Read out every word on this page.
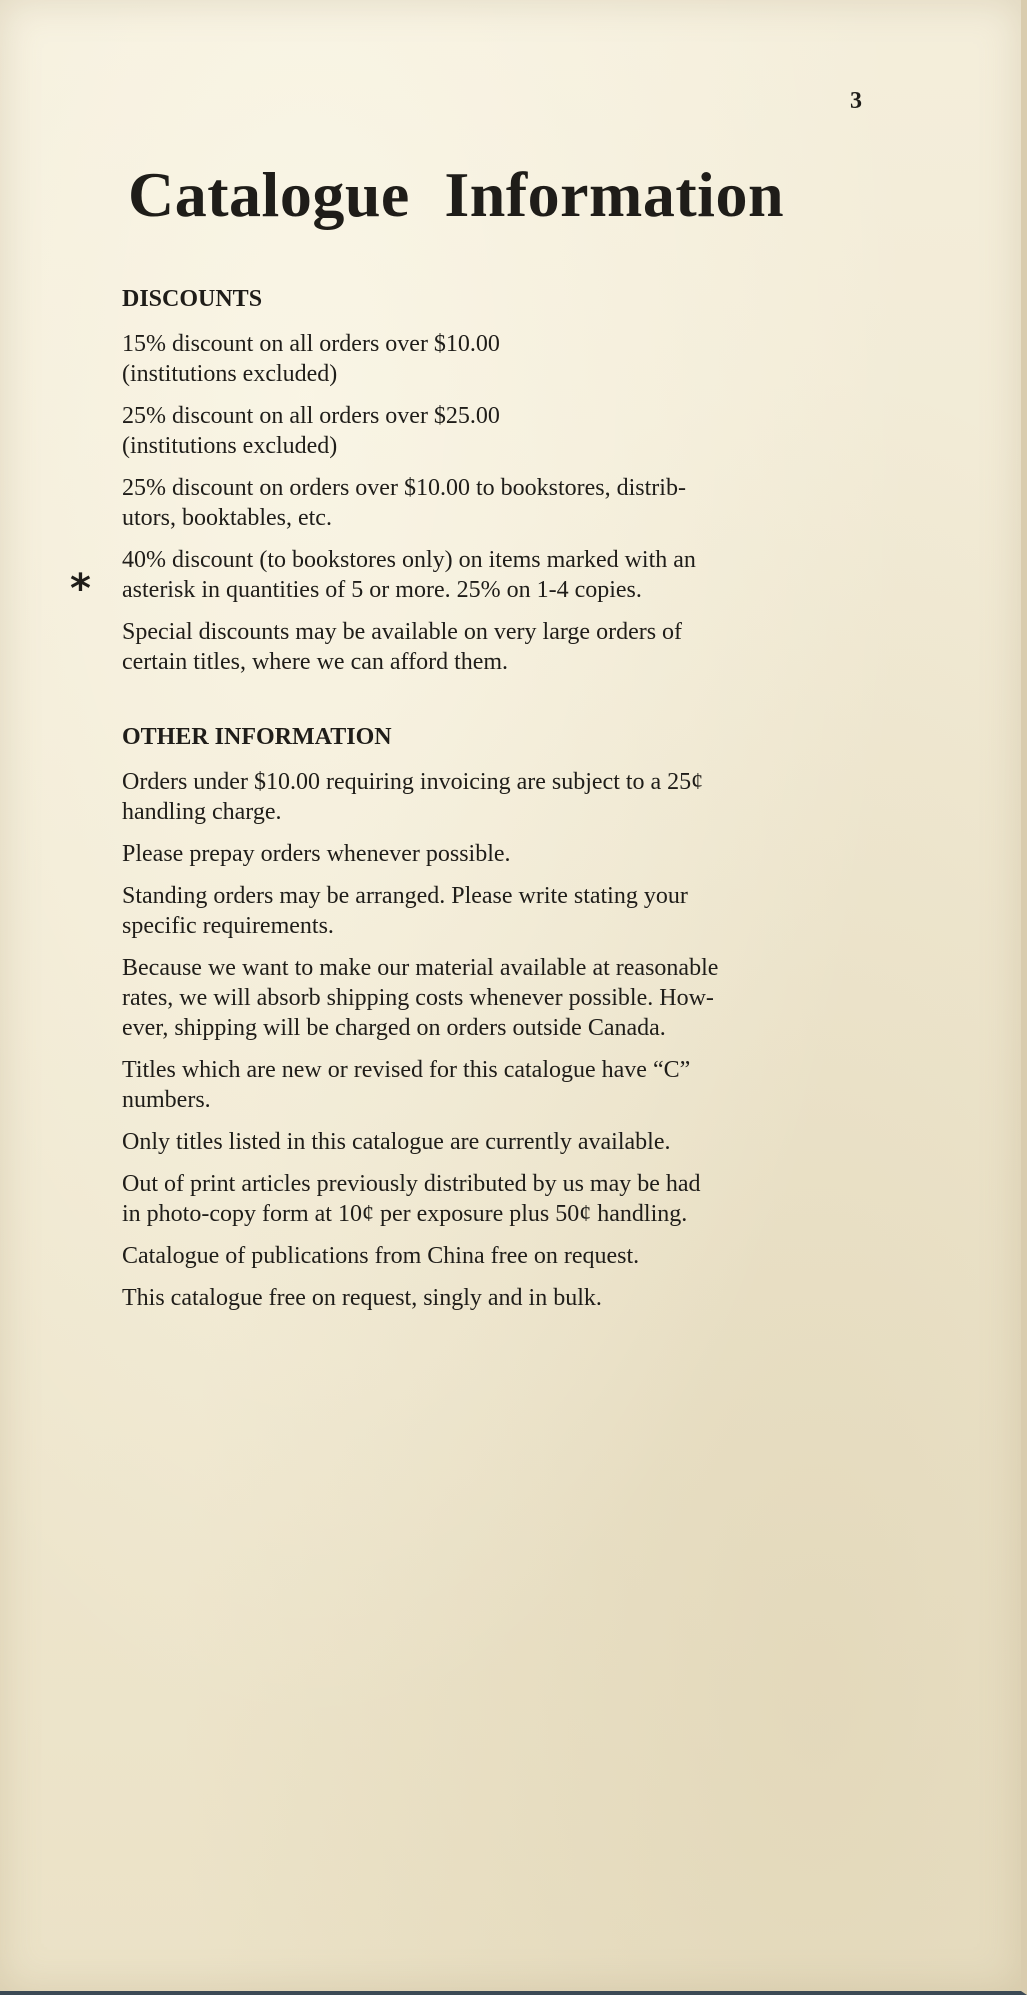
3
Catalogue Information
DISCOUNTS

15% discount on all orders over $10.00
(institutions excluded)

25% discount on all orders over $25.00
(institutions excluded)

25% discount on orders over $10.00 to bookstores, distrib-
utors, booktables, etc.

*
40% discount (to bookstores only) on items marked with an
asterisk in quantities of 5 or more. 25% on 1-4 copies.

Special discounts may be available on very large orders of
certain titles, where we can afford them.

OTHER INFORMATION

Orders under $10.00 requiring invoicing are subject to a 25¢
handling charge.

Please prepay orders whenever possible.

Standing orders may be arranged. Please write stating your
specific requirements.

Because we want to make our material available at reasonable
rates, we will absorb shipping costs whenever possible. How-
ever, shipping will be charged on orders outside Canada.

Titles which are new or revised for this catalogue have “C”
numbers.

Only titles listed in this catalogue are currently available.

Out of print articles previously distributed by us may be had
in photo-copy form at 10¢ per exposure plus 50¢ handling.

Catalogue of publications from China free on request.

This catalogue free on request, singly and in bulk.
